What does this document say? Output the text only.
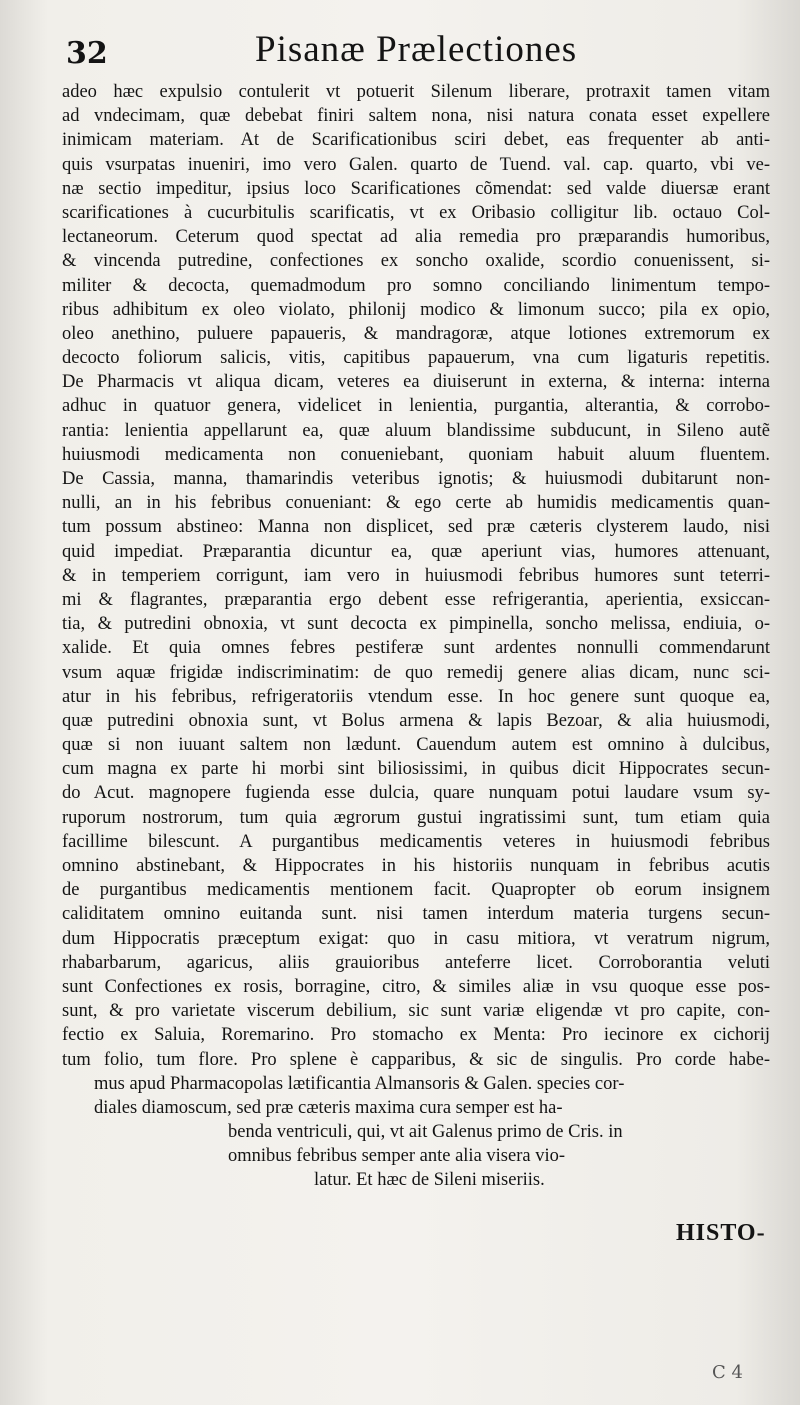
32	Pisanæ Prælectiones
adeo hæc expulsio contulerit vt potuerit Silenum liberare, protraxit tamen vitam
ad vndecimam, quæ debebat finiri saltem nona, nisi natura conata esset expellere
inimicam materiam. At de Scarificationibus sciri debet, eas frequenter ab anti-
quis vsurpatas inueniri, imo vero Galen. quarto de Tuend. val. cap. quarto, vbi ve-
næ sectio impeditur, ipsius loco Scarificationes cõmendat: sed valde diuersæ erant
scarificationes à cucurbitulis scarificatis, vt ex Oribasio colligitur lib. octauo Col-
lectaneorum. Ceterum quod spectat ad alia remedia pro præparandis humoribus,
& vincenda putredine, confectiones ex soncho oxalide, scordio conuenissent, si-
militer & decocta, quemadmodum pro somno conciliando linimentum tempo-
ribus adhibitum ex oleo violato, philonij modico & limonum succo; pila ex opio,
oleo anethino, puluere papaueris, & mandragoræ, atque lotiones extremorum ex
decocto foliorum salicis, vitis, capitibus papauerum, vna cum ligaturis repetitis.
De Pharmacis vt aliqua dicam, veteres ea diuiserunt in externa, & interna: interna
adhuc in quatuor genera, videlicet in lenientia, purgantia, alterantia, & corrobo-
rantia: lenientia appellarunt ea, quæ aluum blandissime subducunt, in Sileno autẽ
huiusmodi medicamenta non conueniebant, quoniam habuit aluum fluentem.
De Cassia, manna, thamarindis veteribus ignotis; & huiusmodi dubitarunt non-
nulli, an in his febribus conueniant: & ego certe ab humidis medicamentis quan-
tum possum abstineo: Manna non displicet, sed præ cæteris clysterem laudo, nisi
quid impediat. Præparantia dicuntur ea, quæ aperiunt vias, humores attenuant,
& in temperiem corrigunt, iam vero in huiusmodi febribus humores sunt teterri-
mi & flagrantes, præparantia ergo debent esse refrigerantia, aperientia, exsiccan-
tia, & putredini obnoxia, vt sunt decocta ex pimpinella, soncho melissa, endiuia, o-
xalide. Et quia omnes febres pestiferæ sunt ardentes nonnulli commendarunt
vsum aquæ frigidæ indiscriminatim: de quo remedij genere alias dicam, nunc sci-
atur in his febribus, refrigeratoriis vtendum esse. In hoc genere sunt quoque ea,
quæ putredini obnoxia sunt, vt Bolus armena & lapis Bezoar, & alia huiusmodi,
quæ si non iuuant saltem non lædunt. Cauendum autem est omnino à dulcibus,
cum magna ex parte hi morbi sint biliosissimi, in quibus dicit Hippocrates secun-
do Acut. magnopere fugienda esse dulcia, quare nunquam potui laudare vsum sy-
ruporum nostrorum, tum quia ægrorum gustui ingratissimi sunt, tum etiam quia
facillime bilescunt. A purgantibus medicamentis veteres in huiusmodi febribus
omnino abstinebant, & Hippocrates in his historiis nunquam in febribus acutis
de purgantibus medicamentis mentionem facit. Quapropter ob eorum insignem
caliditatem omnino euitanda sunt. nisi tamen interdum materia turgens secun-
dum Hippocratis præceptum exigat: quo in casu mitiora, vt veratrum nigrum,
rhabarbarum, agaricus, aliis grauioribus anteferre licet. Corroborantia veluti
sunt Confectiones ex rosis, borragine, citro, & similes aliæ in vsu quoque esse pos-
sunt, & pro varietate viscerum debilium, sic sunt variæ eligendæ vt pro capite, con-
fectio ex Saluia, Roremarino. Pro stomacho ex Menta: Pro iecinore ex cichorij
tum folio, tum flore. Pro splene è capparibus, & sic de singulis. Pro corde habe-
mus apud Pharmacopolas lætificantia Almansoris & Galen. species cor-
diales diamoscum, sed præ cæteris maxima cura semper est ha-
benda ventriculi, qui, vt ait Galenus primo de Cris. in
omnibus febribus semper ante alia visera vio-
latur. Et hæc de Sileni miseriis.
HISTO-
C 4
